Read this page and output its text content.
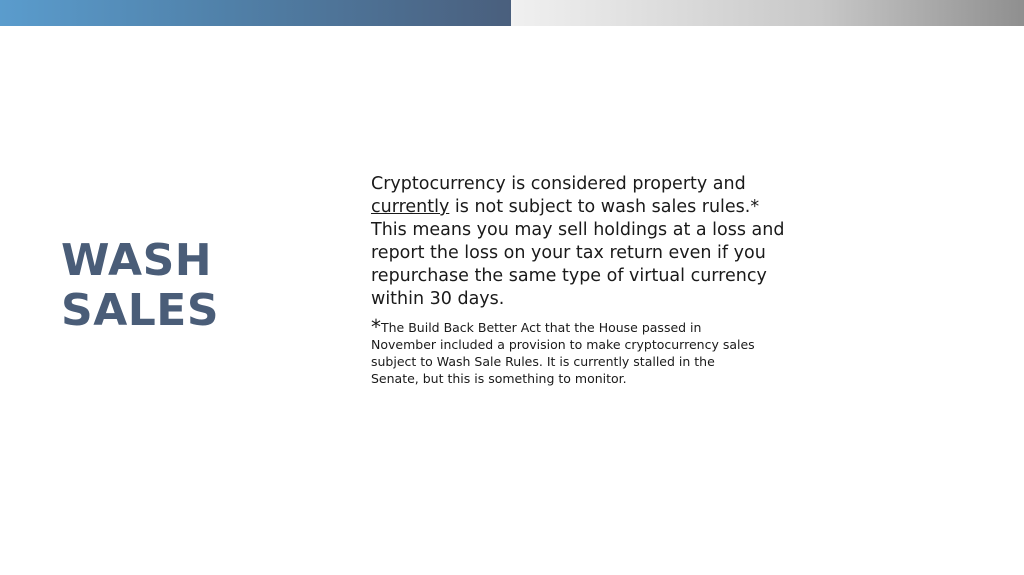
WASH
SALES

Cryptocurrency is considered property and currently is not subject to wash sales rules.* This means you may sell holdings at a loss and report the loss on your tax return even if you repurchase the same type of virtual currency within 30 days.

*The Build Back Better Act that the House passed in November included a provision to make cryptocurrency sales subject to Wash Sale Rules. It is currently stalled in the Senate, but this is something to monitor.
